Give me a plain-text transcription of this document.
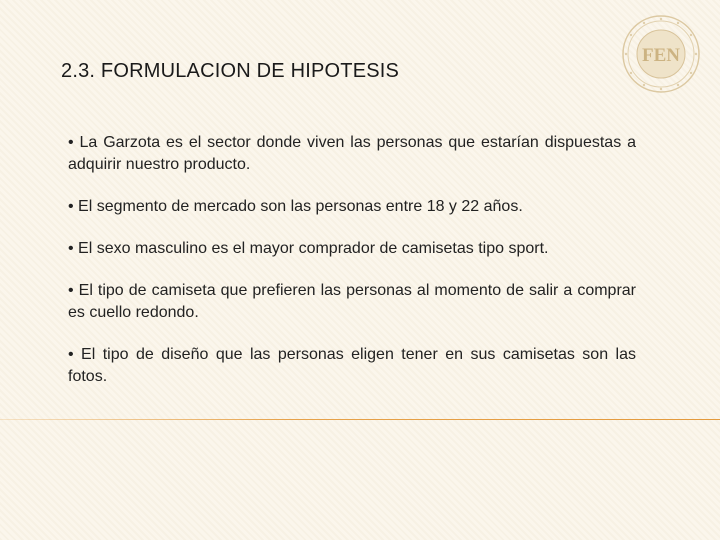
2.3. FORMULACION DE HIPOTESIS
FEN

• La Garzota es el sector donde viven las personas que estarían dispuestas a adquirir nuestro producto.

• El segmento de mercado son las personas entre 18 y 22 años.

• El sexo masculino es el mayor comprador de camisetas tipo sport.

• El tipo de camiseta que prefieren las personas al momento de salir a comprar es cuello redondo.

• El tipo de diseño que las personas eligen tener en sus camisetas son las fotos.
